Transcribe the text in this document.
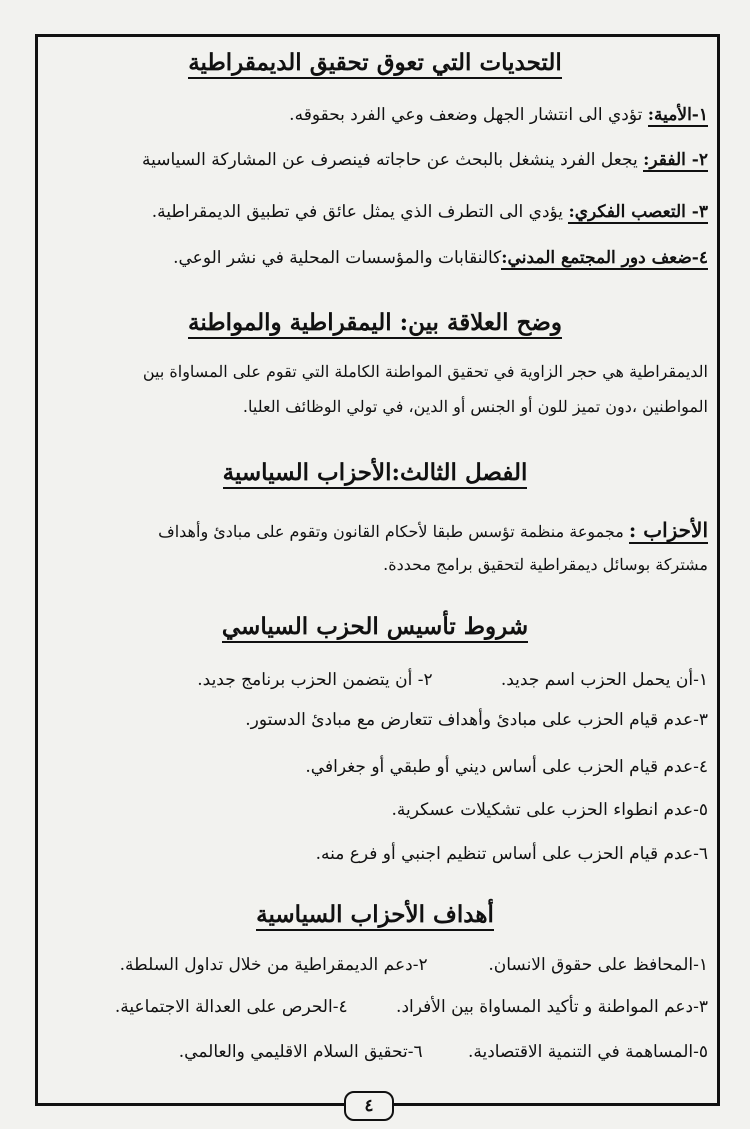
التحديات التي تعوق تحقيق الديمقراطية
١-الأمية: تؤدي الى انتشار الجهل وضعف وعي الفرد بحقوقه.
٢- الفقر: يجعل الفرد ينشغل بالبحث عن حاجاته فينصرف عن المشاركة السياسية
٣- التعصب الفكري: يؤدي الى التطرف الذي يمثل عائق في تطبيق الديمقراطية.
٤-ضعف دور المجتمع المدني:كالنقابات والمؤسسات المحلية في نشر الوعي.
وضح العلاقة بين: اليمقراطية والمواطنة
الديمقراطية هي حجر الزاوية في تحقيق المواطنة الكاملة التي تقوم على المساواة بين
المواطنين ،دون تميز للون أو الجنس أو الدين، في تولي الوظائف العليا.
الفصل الثالث:الأحزاب السياسية
الأحزاب : مجموعة منظمة تؤسس طبقا لأحكام القانون وتقوم على مبادئ وأهداف
مشتركة بوسائل ديمقراطية لتحقيق برامج محددة.
شروط تأسيس الحزب السياسي
١-أن يحمل الحزب اسم جديد. ٢- أن يتضمن الحزب برنامج جديد.
٣-عدم قيام الحزب على مبادئ وأهداف تتعارض مع مبادئ الدستور.
٤-عدم قيام الحزب على أساس ديني أو طبقي أو جغرافي.
٥-عدم انطواء الحزب على تشكيلات عسكرية.
٦-عدم قيام الحزب على أساس تنظيم اجنبي أو فرع منه.
أهداف الأحزاب السياسية
١-المحافظ على حقوق الانسان. ٢-دعم الديمقراطية من خلال تداول السلطة.
٣-دعم المواطنة و تأكيد المساواة بين الأفراد. ٤-الحرص على العدالة الاجتماعية.
٥-المساهمة في التنمية الاقتصادية. ٦-تحقيق السلام الاقليمي والعالمي.
٤
